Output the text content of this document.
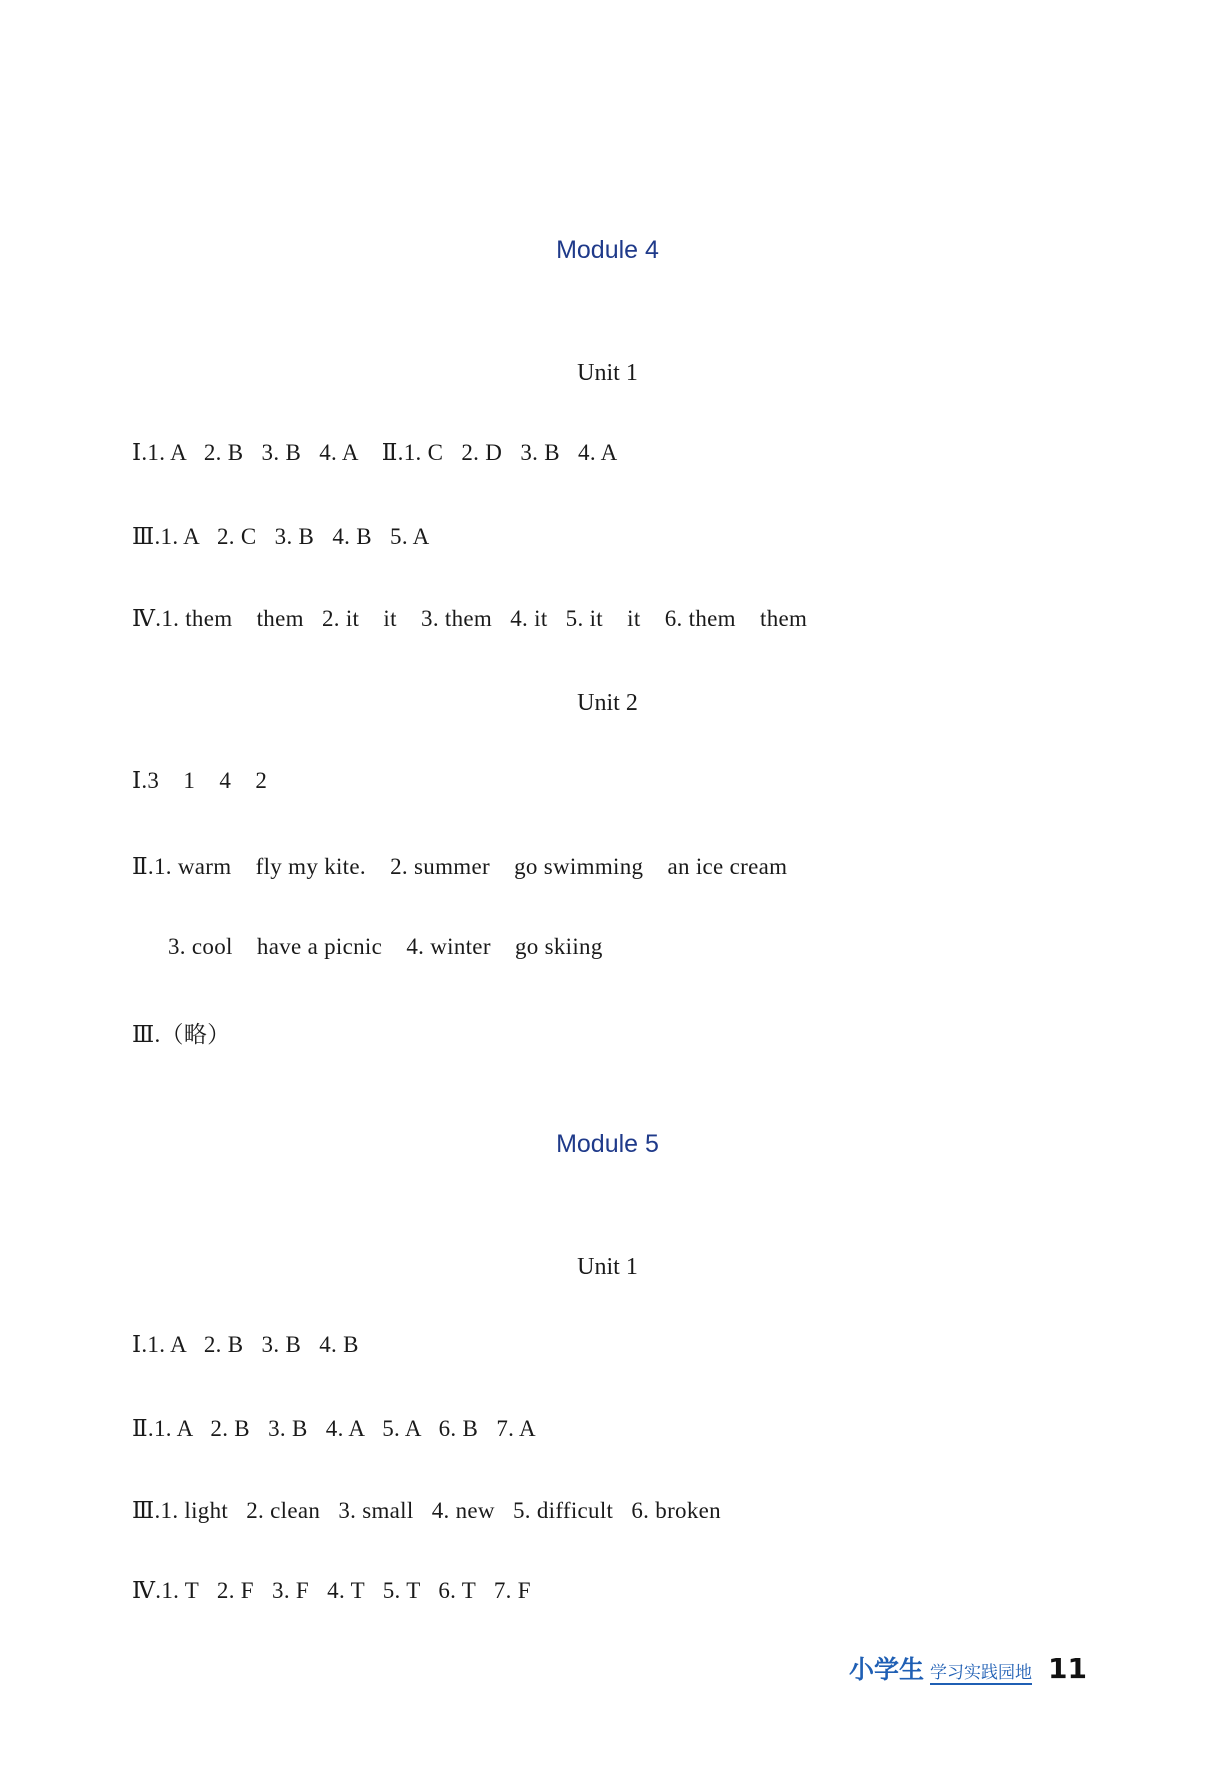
Module 4
Unit 1
Ⅰ.1. A   2. B   3. B   4. A    Ⅱ.1. C   2. D   3. B   4. A
Ⅲ.1. A   2. C   3. B   4. B   5. A
Ⅳ.1. them    them   2. it    it    3. them   4. it   5. it    it    6. them    them
Unit 2
Ⅰ.3    1    4    2
Ⅱ.1. warm    fly my kite.    2. summer    go swimming    an ice cream
3. cool    have a picnic    4. winter    go skiing
Ⅲ.（略）
Module 5
Unit 1
Ⅰ.1. A   2. B   3. B   4. B
Ⅱ.1. A   2. B   3. B   4. A   5. A   6. B   7. A
Ⅲ.1. light   2. clean   3. small   4. new   5. difficult   6. broken
Ⅳ.1. T   2. F   3. F   4. T   5. T   6. T   7. F
小学生 学习实践园地 11
